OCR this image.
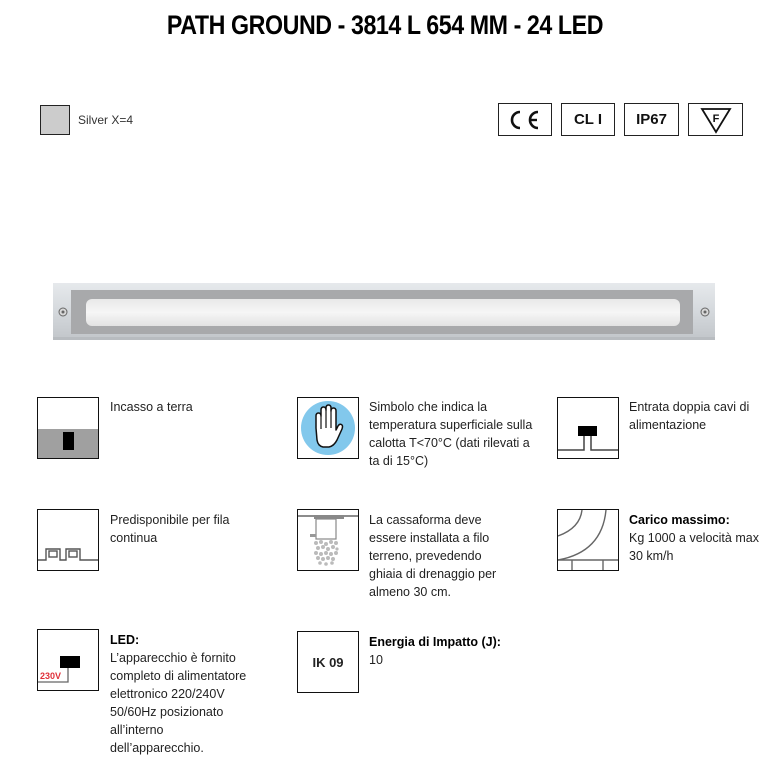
PATH GROUND - 3814 L 654 MM - 24 LED
Silver X=4	CL I IP67	F
Incasso a terra	Simbolo che indica la temperatura superficiale sulla calotta T<70°C (dati rilevati a ta di 15°C)
Entrata doppia cavi di alimentazione
Predisponibile per fila continua
La cassaforma deve essere installata a filo terreno, prevedendo ghiaia di drenaggio per almeno 30 cm.
Carico massimo:
Kg 1000 a velocità max 30 km/h
230V
LED:
L’apparecchio è fornito completo di alimentatore elettronico 220/240V 50/60Hz posizionato all’interno dell’apparecchio.
IK 09
Energia di Impatto (J):
10
